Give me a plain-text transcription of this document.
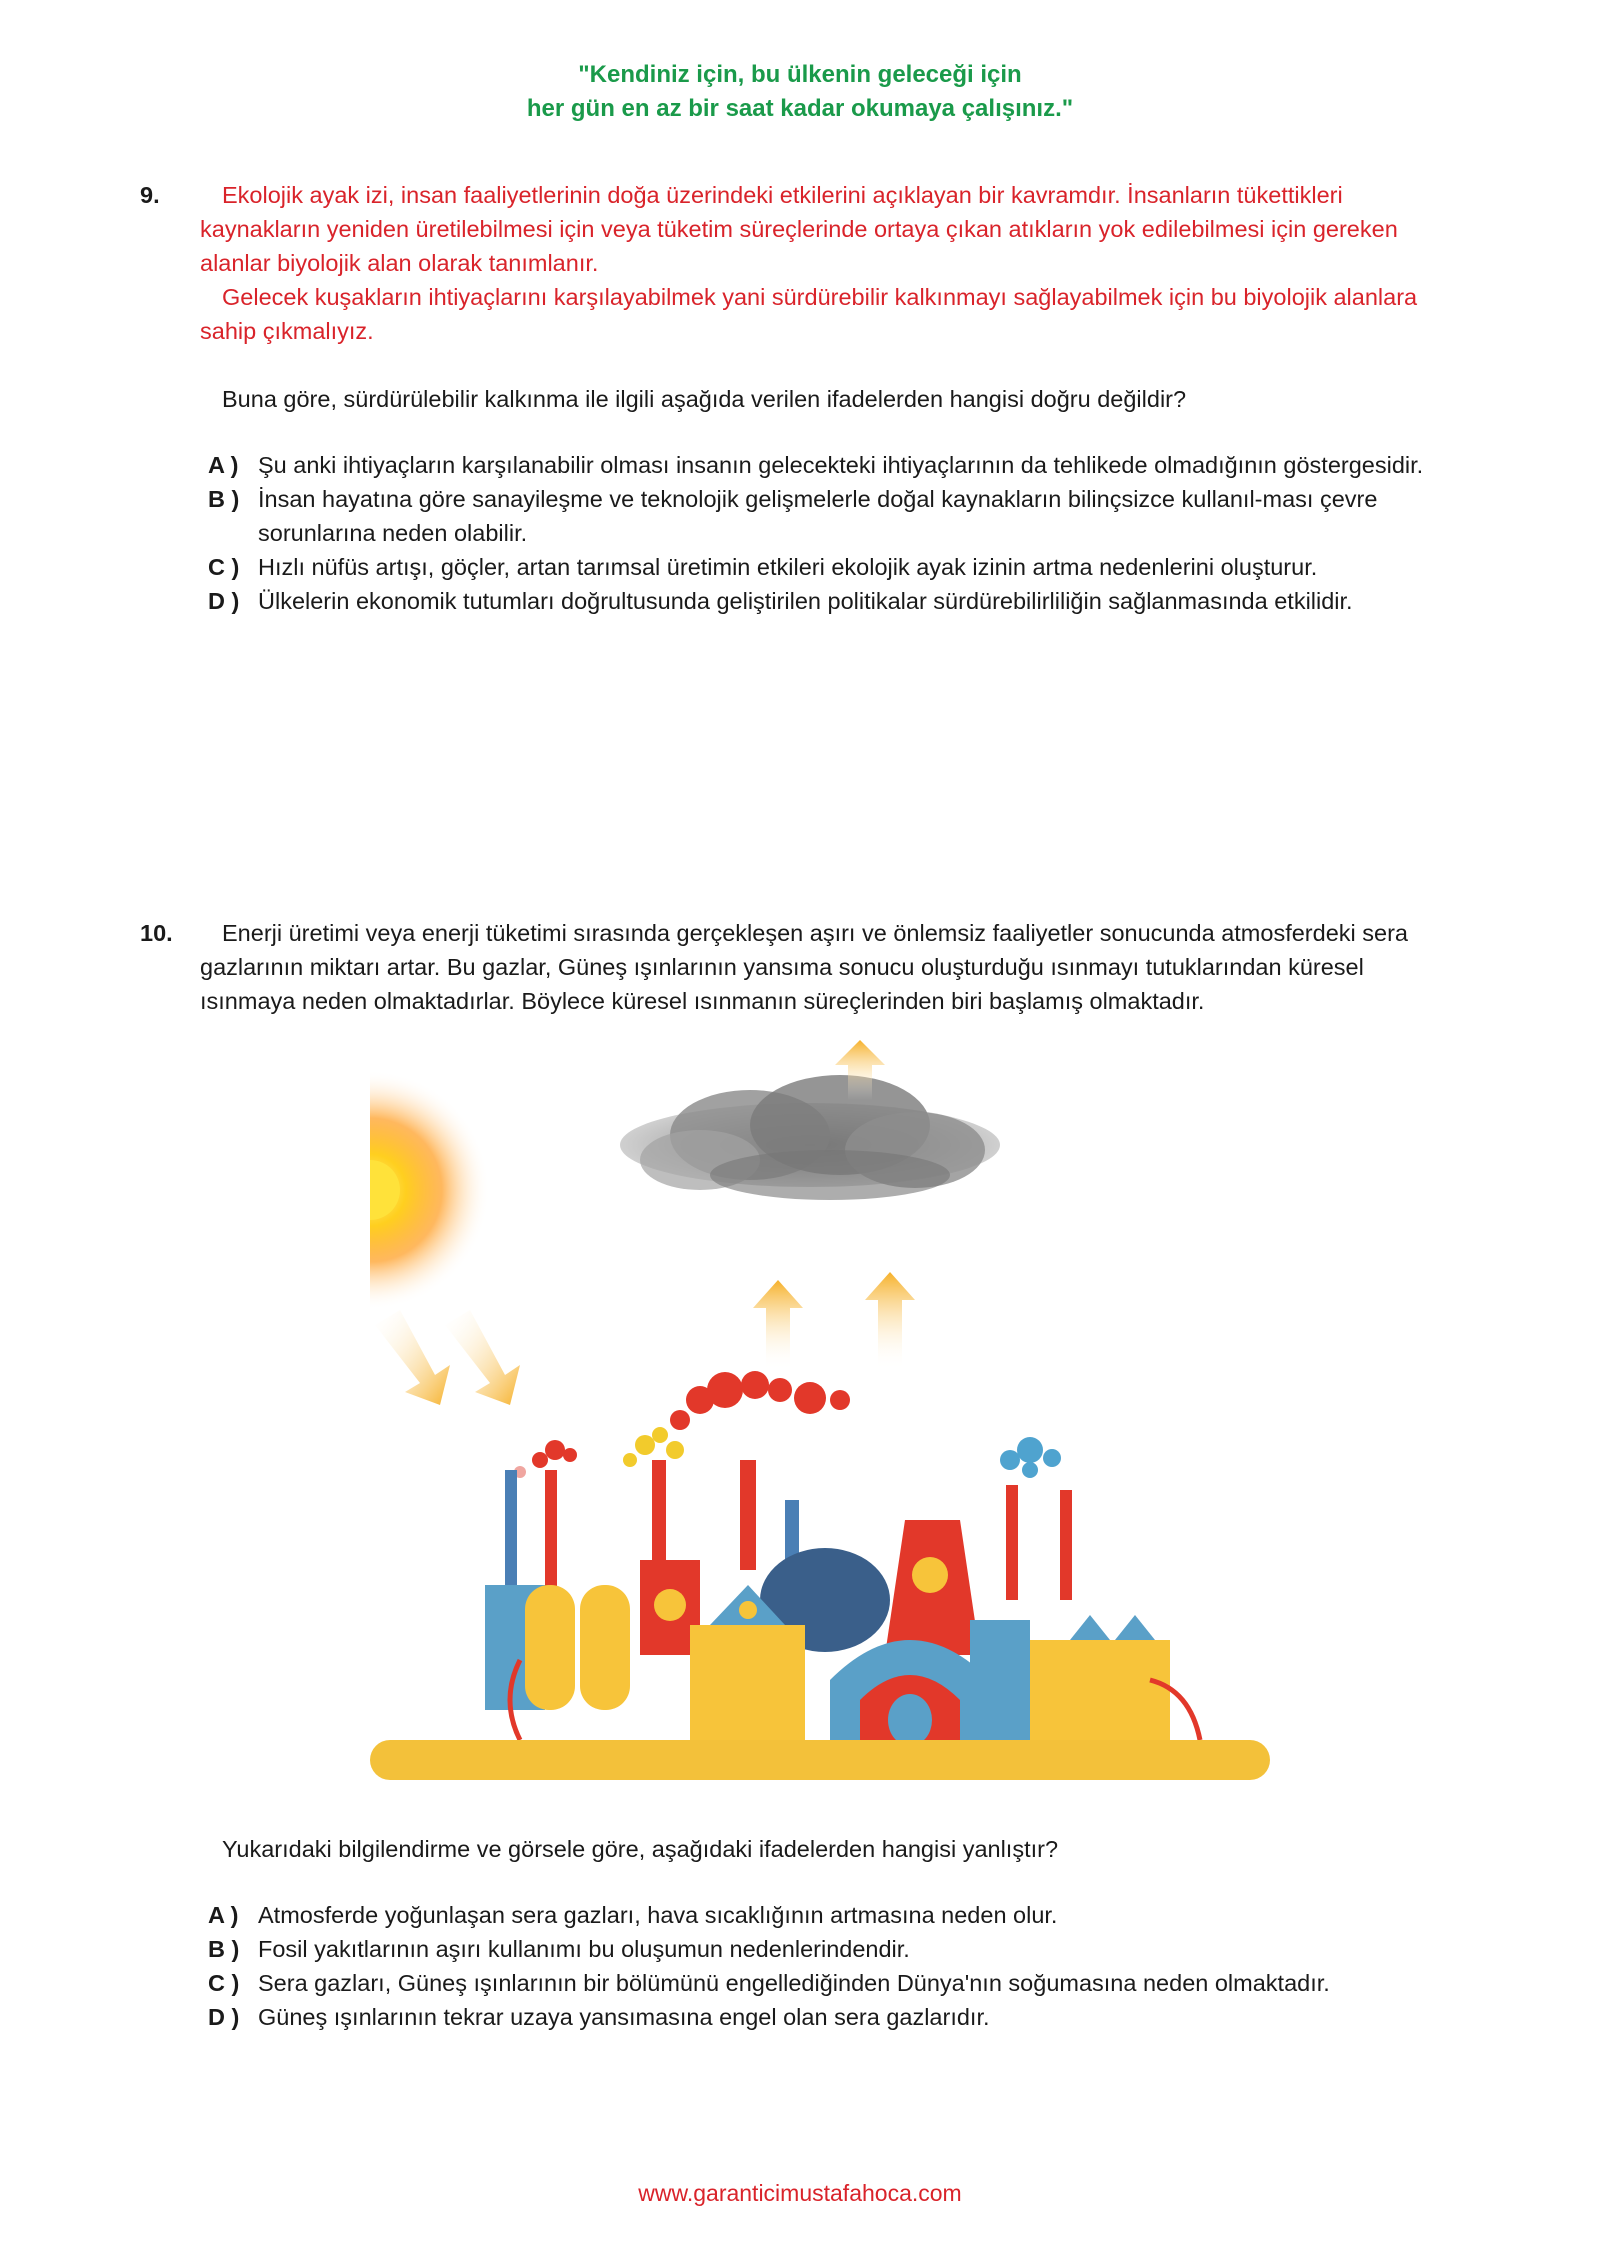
"Kendiniz için, bu ülkenin geleceği için
her gün en az bir saat kadar okumaya çalışınız."
9.	Ekolojik ayak izi, insan faaliyetlerinin doğa üzerindeki etkilerini açıklayan bir kavramdır. İnsanların tükettikleri kaynakların yeniden üretilebilmesi için veya tüketim süreçlerinde ortaya çıkan atıkların yok edilebilmesi için gereken alanlar biyolojik alan olarak tanımlanır.
Gelecek kuşakların ihtiyaçlarını karşılayabilmek yani sürdürebilir kalkınmayı sağlayabilmek için bu biyolojik alanlara sahip çıkmalıyız.
Buna göre, sürdürülebilir kalkınma ile ilgili aşağıda verilen ifadelerden hangisi doğru değildir?
A ) Şu anki ihtiyaçların karşılanabilir olması insanın gelecekteki ihtiyaçlarının da tehlikede olmadığının göstergesidir.
B ) İnsan hayatına göre sanayileşme ve teknolojik gelişmelerle doğal kaynakların bilinçsizce kullanıl-ması çevre sorunlarına neden olabilir.
C ) Hızlı nüfüs artışı, göçler, artan tarımsal üretimin etkileri ekolojik ayak izinin artma nedenlerini oluşturur.
D ) Ülkelerin ekonomik tutumları doğrultusunda geliştirilen politikalar sürdürebilirliliğin sağlanmasında etkilidir.
10.	Enerji üretimi veya enerji tüketimi sırasında gerçekleşen aşırı ve önlemsiz faaliyetler sonucunda atmosferdeki sera gazlarının miktarı artar. Bu gazlar, Güneş ışınlarının yansıma sonucu oluşturduğu ısınmayı tutuklarından küresel ısınmaya neden olmaktadırlar. Böylece küresel ısınmanın süreçlerinden biri başlamış olmaktadır.
Yukarıdaki bilgilendirme ve görsele göre, aşağıdaki ifadelerden hangisi yanlıştır?
A ) Atmosferde yoğunlaşan sera gazları, hava sıcaklığının artmasına neden olur.
B ) Fosil yakıtlarının aşırı kullanımı bu oluşumun nedenlerindendir.
C ) Sera gazları, Güneş ışınlarının bir bölümünü engellediğinden Dünya'nın soğumasına neden olmaktadır.
D ) Güneş ışınlarının tekrar uzaya yansımasına engel olan sera gazlarıdır.
www.garanticimustafahoca.com
